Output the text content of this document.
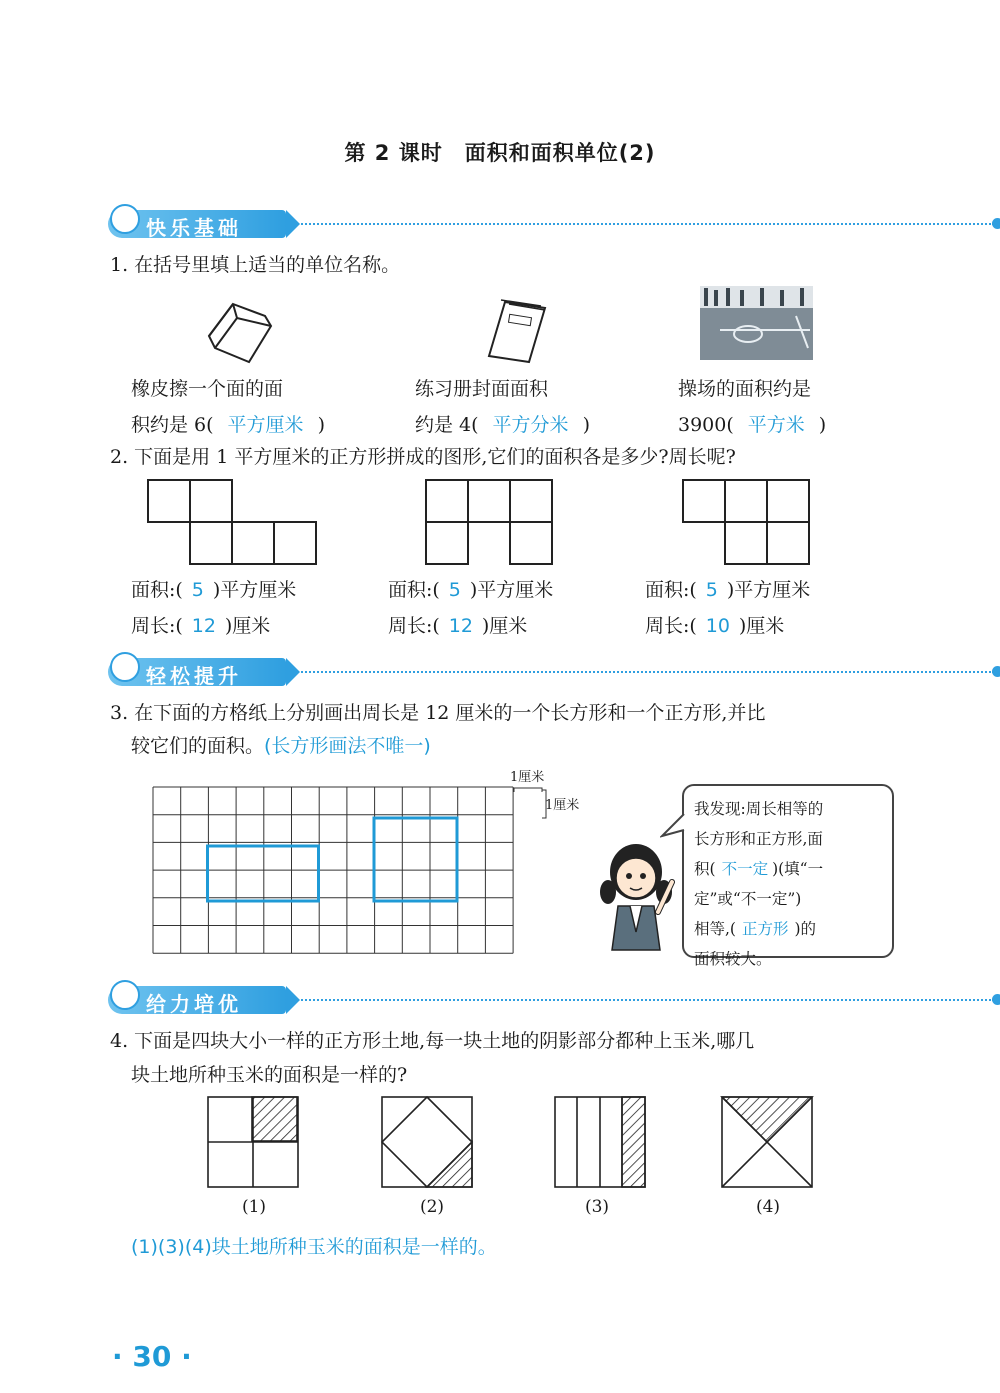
第 2 课时 面积和面积单位(2)
快乐基础
1. 在括号里填上适当的单位名称。
橡皮擦一个面的面
积约是 6( 平方厘米 )
练习册封面面积
约是 4( 平方分米 )
操场的面积约是
3900( 平方米 )
2. 下面是用 1 平方厘米的正方形拼成的图形,它们的面积各是多少?周长呢?
面积:( 5 )平方厘米
周长:( 12 )厘米
面积:( 5 )平方厘米
周长:( 12 )厘米
面积:( 5 )平方厘米
周长:( 10 )厘米
轻松提升
3. 在下面的方格纸上分别画出周长是 12 厘米的一个长方形和一个正方形,并比
较它们的面积。(长方形画法不唯一)
1厘米
1厘米	我发现:周长相等的
长方形和正方形,面
积( 不一定 )(填“一
定”或“不一定”)
相等,( 正方形 )的
面积较大。
给力培优
4. 下面是四块大小一样的正方形土地,每一块土地的阴影部分都种上玉米,哪几
块土地所种玉米的面积是一样的?
(1)	(2)	(3)	(4)
(1)(3)(4)块土地所种玉米的面积是一样的。
· 30 ·
